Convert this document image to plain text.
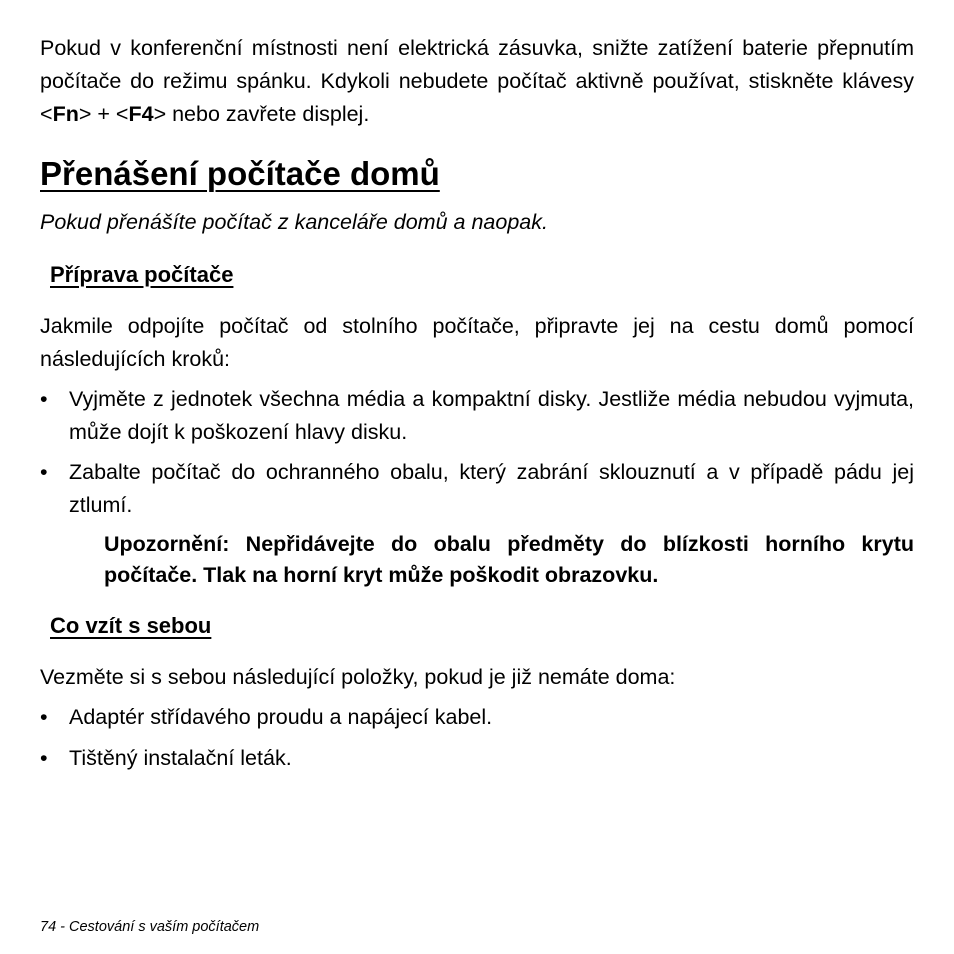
Pokud v konferenční místnosti není elektrická zásuvka, snižte zatížení baterie přepnutím počítače do režimu spánku. Kdykoli nebudete počítač aktivně používat, stiskněte klávesy <Fn> + <F4> nebo zavřete displej.

Přenášení počítače domů

Pokud přenášíte počítač z kanceláře domů a naopak.

Příprava počítače

Jakmile odpojíte počítač od stolního počítače, připravte jej na cestu domů pomocí následujících kroků:

• Vyjměte z jednotek všechna média a kompaktní disky. Jestliže média nebudou vyjmuta, může dojít k poškození hlavy disku.
• Zabalte počítač do ochranného obalu, který zabrání sklouznutí a v případě pádu jej ztlumí.

Upozornění: Nepřidávejte do obalu předměty do blízkosti horního krytu počítače. Tlak na horní kryt může poškodit obrazovku.

Co vzít s sebou

Vezměte si s sebou následující položky, pokud je již nemáte doma:

• Adaptér střídavého proudu a napájecí kabel.
• Tištěný instalační leták.
74 - Cestování s vaším počítačem
